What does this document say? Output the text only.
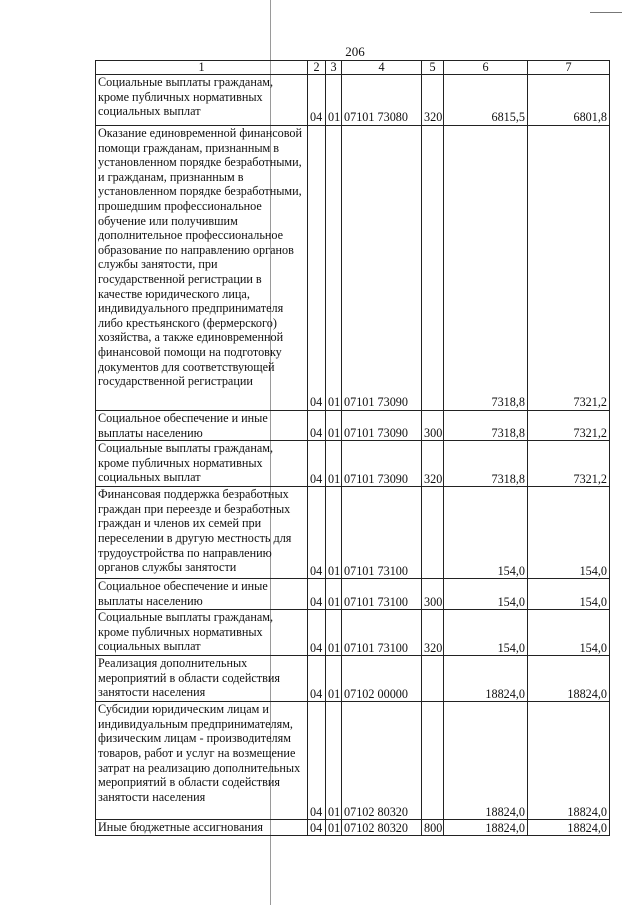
206
1	2	3	4	5	6	7
Социальные выплаты гражданам, кроме публичных нормативных социальных выплат	04	01	07101 73080	320	6815,5	6801,8
Оказание единовременной финансовой помощи гражданам, признанным в установленном порядке безработными, и гражданам, признанным в установленном порядке безработными, прошедшим профессиональное обучение или получившим дополнительное профессиональное образование по направлению органов службы занятости, при государственной регистрации в качестве юридического лица, индивидуального предпринимателя либо крестьянского (фермерского) хозяйства, а также единовременной финансовой помощи на подготовку документов для соответствующей государственной регистрации	04	01	07101 73090		7318,8	7321,2
Социальное обеспечение и иные выплаты населению	04	01	07101 73090	300	7318,8	7321,2
Социальные выплаты гражданам, кроме публичных нормативных социальных выплат	04	01	07101 73090	320	7318,8	7321,2
Финансовая поддержка безработных граждан при переезде и безработных граждан и членов их семей при переселении в другую местность для трудоустройства по направлению органов службы занятости	04	01	07101 73100		154,0	154,0
Социальное обеспечение и иные выплаты населению	04	01	07101 73100	300	154,0	154,0
Социальные выплаты гражданам, кроме публичных нормативных социальных выплат	04	01	07101 73100	320	154,0	154,0
Реализация дополнительных мероприятий в области содействия занятости населения	04	01	07102 00000		18824,0	18824,0
Субсидии юридическим лицам и индивидуальным предпринимателям, физическим лицам - производителям товаров, работ и услуг на возмещение затрат на реализацию дополнительных мероприятий в области содействия занятости населения	04	01	07102 80320		18824,0	18824,0
Иные бюджетные ассигнования	04	01	07102 80320	800	18824,0	18824,0
